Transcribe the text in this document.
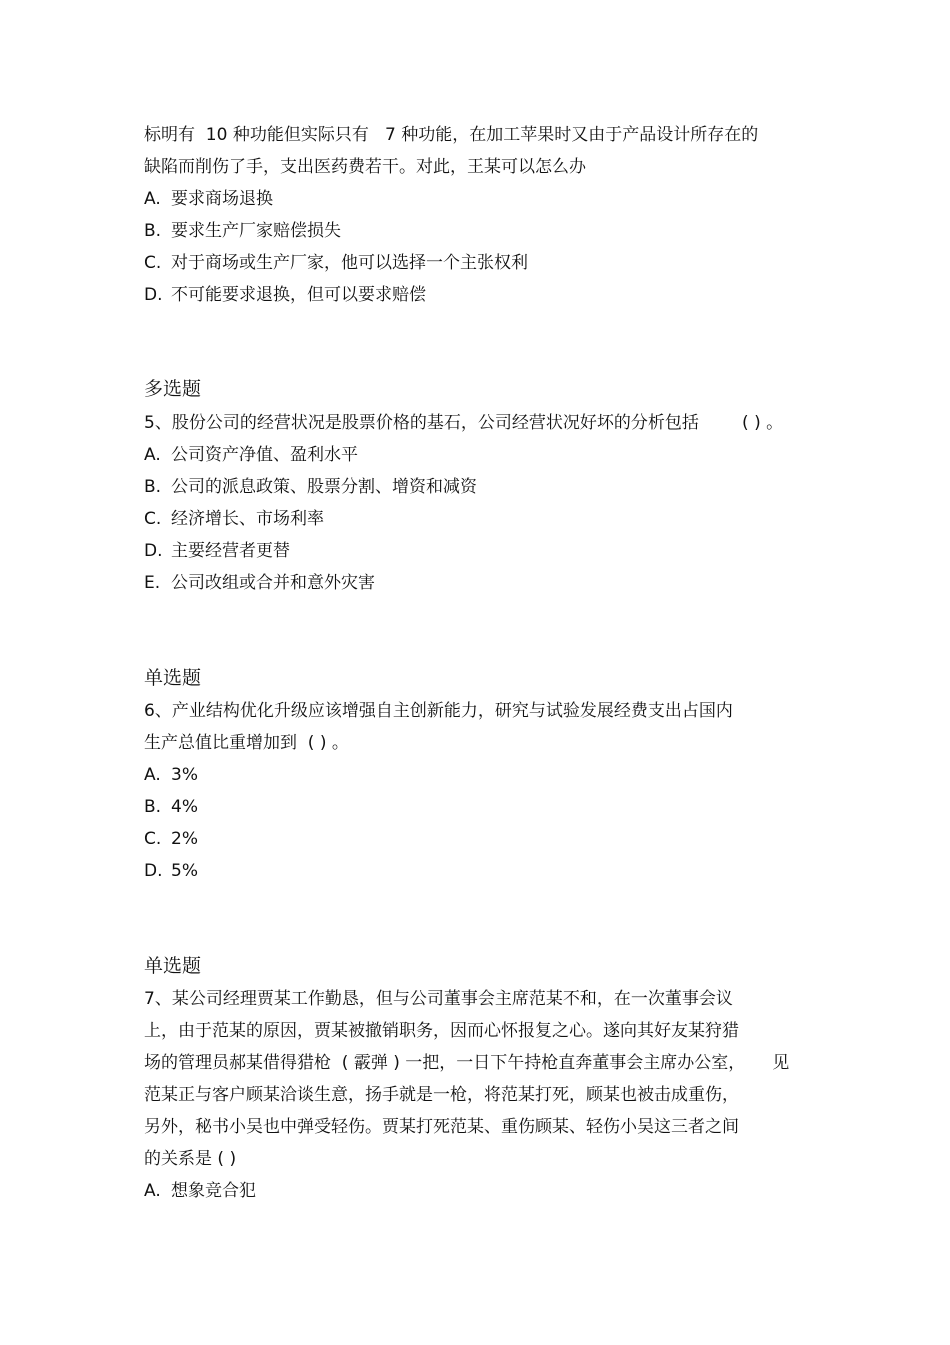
标明有  10 种功能但实际只有   7 种功能，在加工苹果时又由于产品设计所存在的
缺陷而削伤了手，支出医药费若干。对此，王某可以怎么办
A. 要求商场退换
B. 要求生产厂家赔偿损失
C. 对于商场或生产厂家，他可以选择一个主张权利
D. 不可能要求退换，但可以要求赔偿
多选题
5、股份公司的经营状况是股票价格的基石，公司经营状况好坏的分析包括        ( ) 。
A. 公司资产净值、盈利水平
B. 公司的派息政策、股票分割、增资和减资
C. 经济增长、市场利率
D. 主要经营者更替
E. 公司改组或合并和意外灾害
单选题
6、产业结构优化升级应该增强自主创新能力，研究与试验发展经费支出占国内
生产总值比重增加到  ( ) 。
A. 3%
B. 4%
C. 2%
D. 5%
单选题
7、某公司经理贾某工作勤恳，但与公司董事会主席范某不和，在一次董事会议
上，由于范某的原因，贾某被撤销职务，因而心怀报复之心。遂向其好友某狩猎
场的管理员郝某借得猎枪  ( 霰弹 ) 一把，一日下午持枪直奔董事会主席办公室，     见
范某正与客户顾某洽谈生意，扬手就是一枪，将范某打死，顾某也被击成重伤，
另外，秘书小吴也中弹受轻伤。贾某打死范某、重伤顾某、轻伤小吴这三者之间
的关系是 ( )
A. 想象竞合犯
